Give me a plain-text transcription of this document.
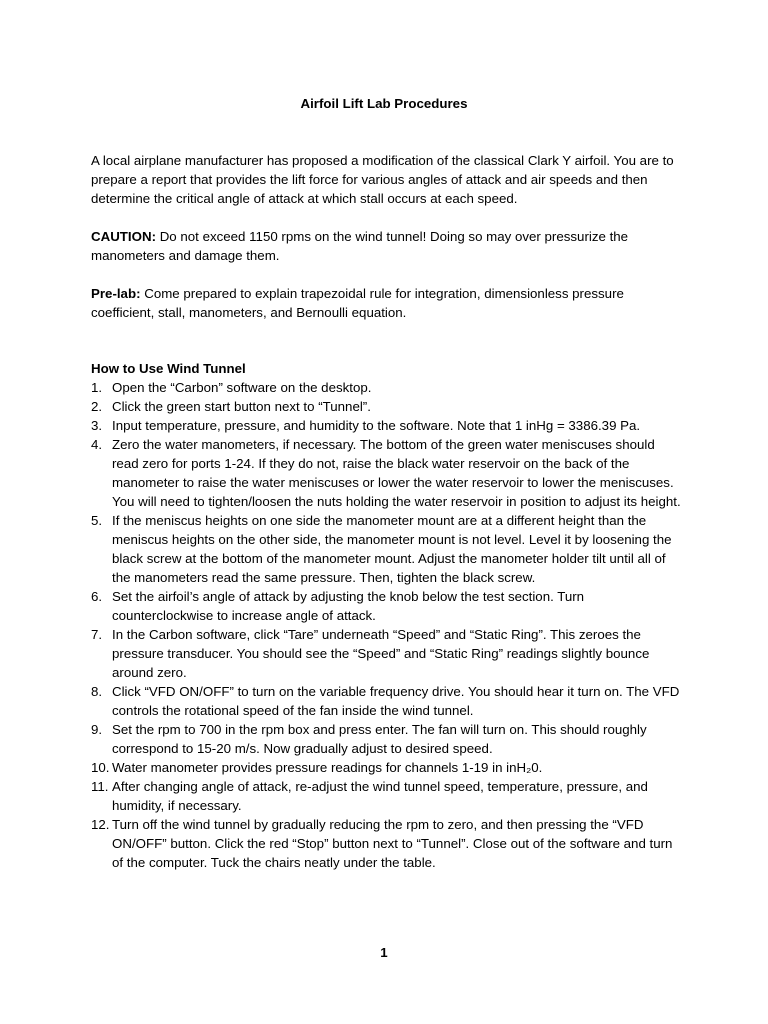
Airfoil Lift Lab Procedures

A local airplane manufacturer has proposed a modification of the classical Clark Y airfoil. You are to prepare a report that provides the lift force for various angles of attack and air speeds and then determine the critical angle of attack at which stall occurs at each speed.

CAUTION: Do not exceed 1150 rpms on the wind tunnel! Doing so may over pressurize the manometers and damage them.

Pre-lab: Come prepared to explain trapezoidal rule for integration, dimensionless pressure coefficient, stall, manometers, and Bernoulli equation.

How to Use Wind Tunnel
1. Open the “Carbon” software on the desktop.
2. Click the green start button next to “Tunnel”.
3. Input temperature, pressure, and humidity to the software. Note that 1 inHg = 3386.39 Pa.
4. Zero the water manometers, if necessary. The bottom of the green water meniscuses should read zero for ports 1-24. If they do not, raise the black water reservoir on the back of the manometer to raise the water meniscuses or lower the water reservoir to lower the meniscuses. You will need to tighten/loosen the nuts holding the water reservoir in position to adjust its height.
5. If the meniscus heights on one side the manometer mount are at a different height than the meniscus heights on the other side, the manometer mount is not level. Level it by loosening the black screw at the bottom of the manometer mount. Adjust the manometer holder tilt until all of the manometers read the same pressure. Then, tighten the black screw.
6. Set the airfoil’s angle of attack by adjusting the knob below the test section. Turn counterclockwise to increase angle of attack.
7. In the Carbon software, click “Tare” underneath “Speed” and “Static Ring”. This zeroes the pressure transducer. You should see the “Speed” and “Static Ring” readings slightly bounce around zero.
8. Click “VFD ON/OFF” to turn on the variable frequency drive. You should hear it turn on. The VFD controls the rotational speed of the fan inside the wind tunnel.
9. Set the rpm to 700 in the rpm box and press enter. The fan will turn on. This should roughly correspond to 15-20 m/s. Now gradually adjust to desired speed.
10. Water manometer provides pressure readings for channels 1-19 in inH₂0.
11. After changing angle of attack, re-adjust the wind tunnel speed, temperature, pressure, and humidity, if necessary.
12. Turn off the wind tunnel by gradually reducing the rpm to zero, and then pressing the “VFD ON/OFF” button. Click the red “Stop” button next to “Tunnel”. Close out of the software and turn of the computer. Tuck the chairs neatly under the table.
1
